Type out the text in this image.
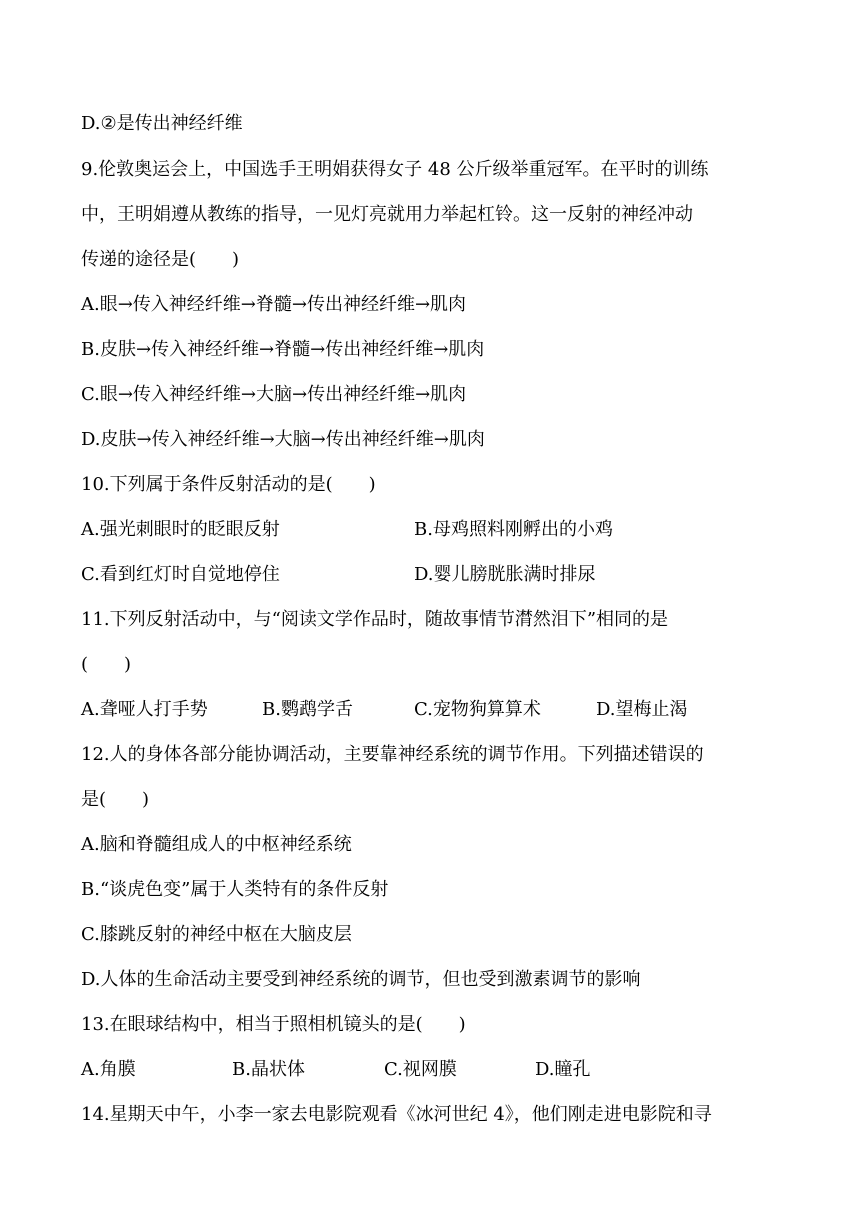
D.②是传出神经纤维
9.伦敦奥运会上，中国选手王明娟获得女子 48 公斤级举重冠军。在平时的训练
中，王明娟遵从教练的指导，一见灯亮就用力举起杠铃。这一反射的神经冲动
传递的途径是(　　)
A.眼→传入神经纤维→脊髓→传出神经纤维→肌肉
B.皮肤→传入神经纤维→脊髓→传出神经纤维→肌肉
C.眼→传入神经纤维→大脑→传出神经纤维→肌肉
D.皮肤→传入神经纤维→大脑→传出神经纤维→肌肉
10.下列属于条件反射活动的是(　　)
A.强光刺眼时的眨眼反射	B.母鸡照料刚孵出的小鸡
C.看到红灯时自觉地停住	D.婴儿膀胱胀满时排尿
11.下列反射活动中，与“阅读文学作品时，随故事情节潸然泪下”相同的是
(　　)
A.聋哑人打手势	B.鹦鹉学舌	C.宠物狗算算术	D.望梅止渴
12.人的身体各部分能协调活动，主要靠神经系统的调节作用。下列描述错误的
是(　　)
A.脑和脊髓组成人的中枢神经系统
B.“谈虎色变”属于人类特有的条件反射
C.膝跳反射的神经中枢在大脑皮层
D.人体的生命活动主要受到神经系统的调节，但也受到激素调节的影响
13.在眼球结构中，相当于照相机镜头的是(　　)
A.角膜	B.晶状体	C.视网膜	D.瞳孔
14.星期天中午，小李一家去电影院观看《冰河世纪 4》，他们刚走进电影院和寻
